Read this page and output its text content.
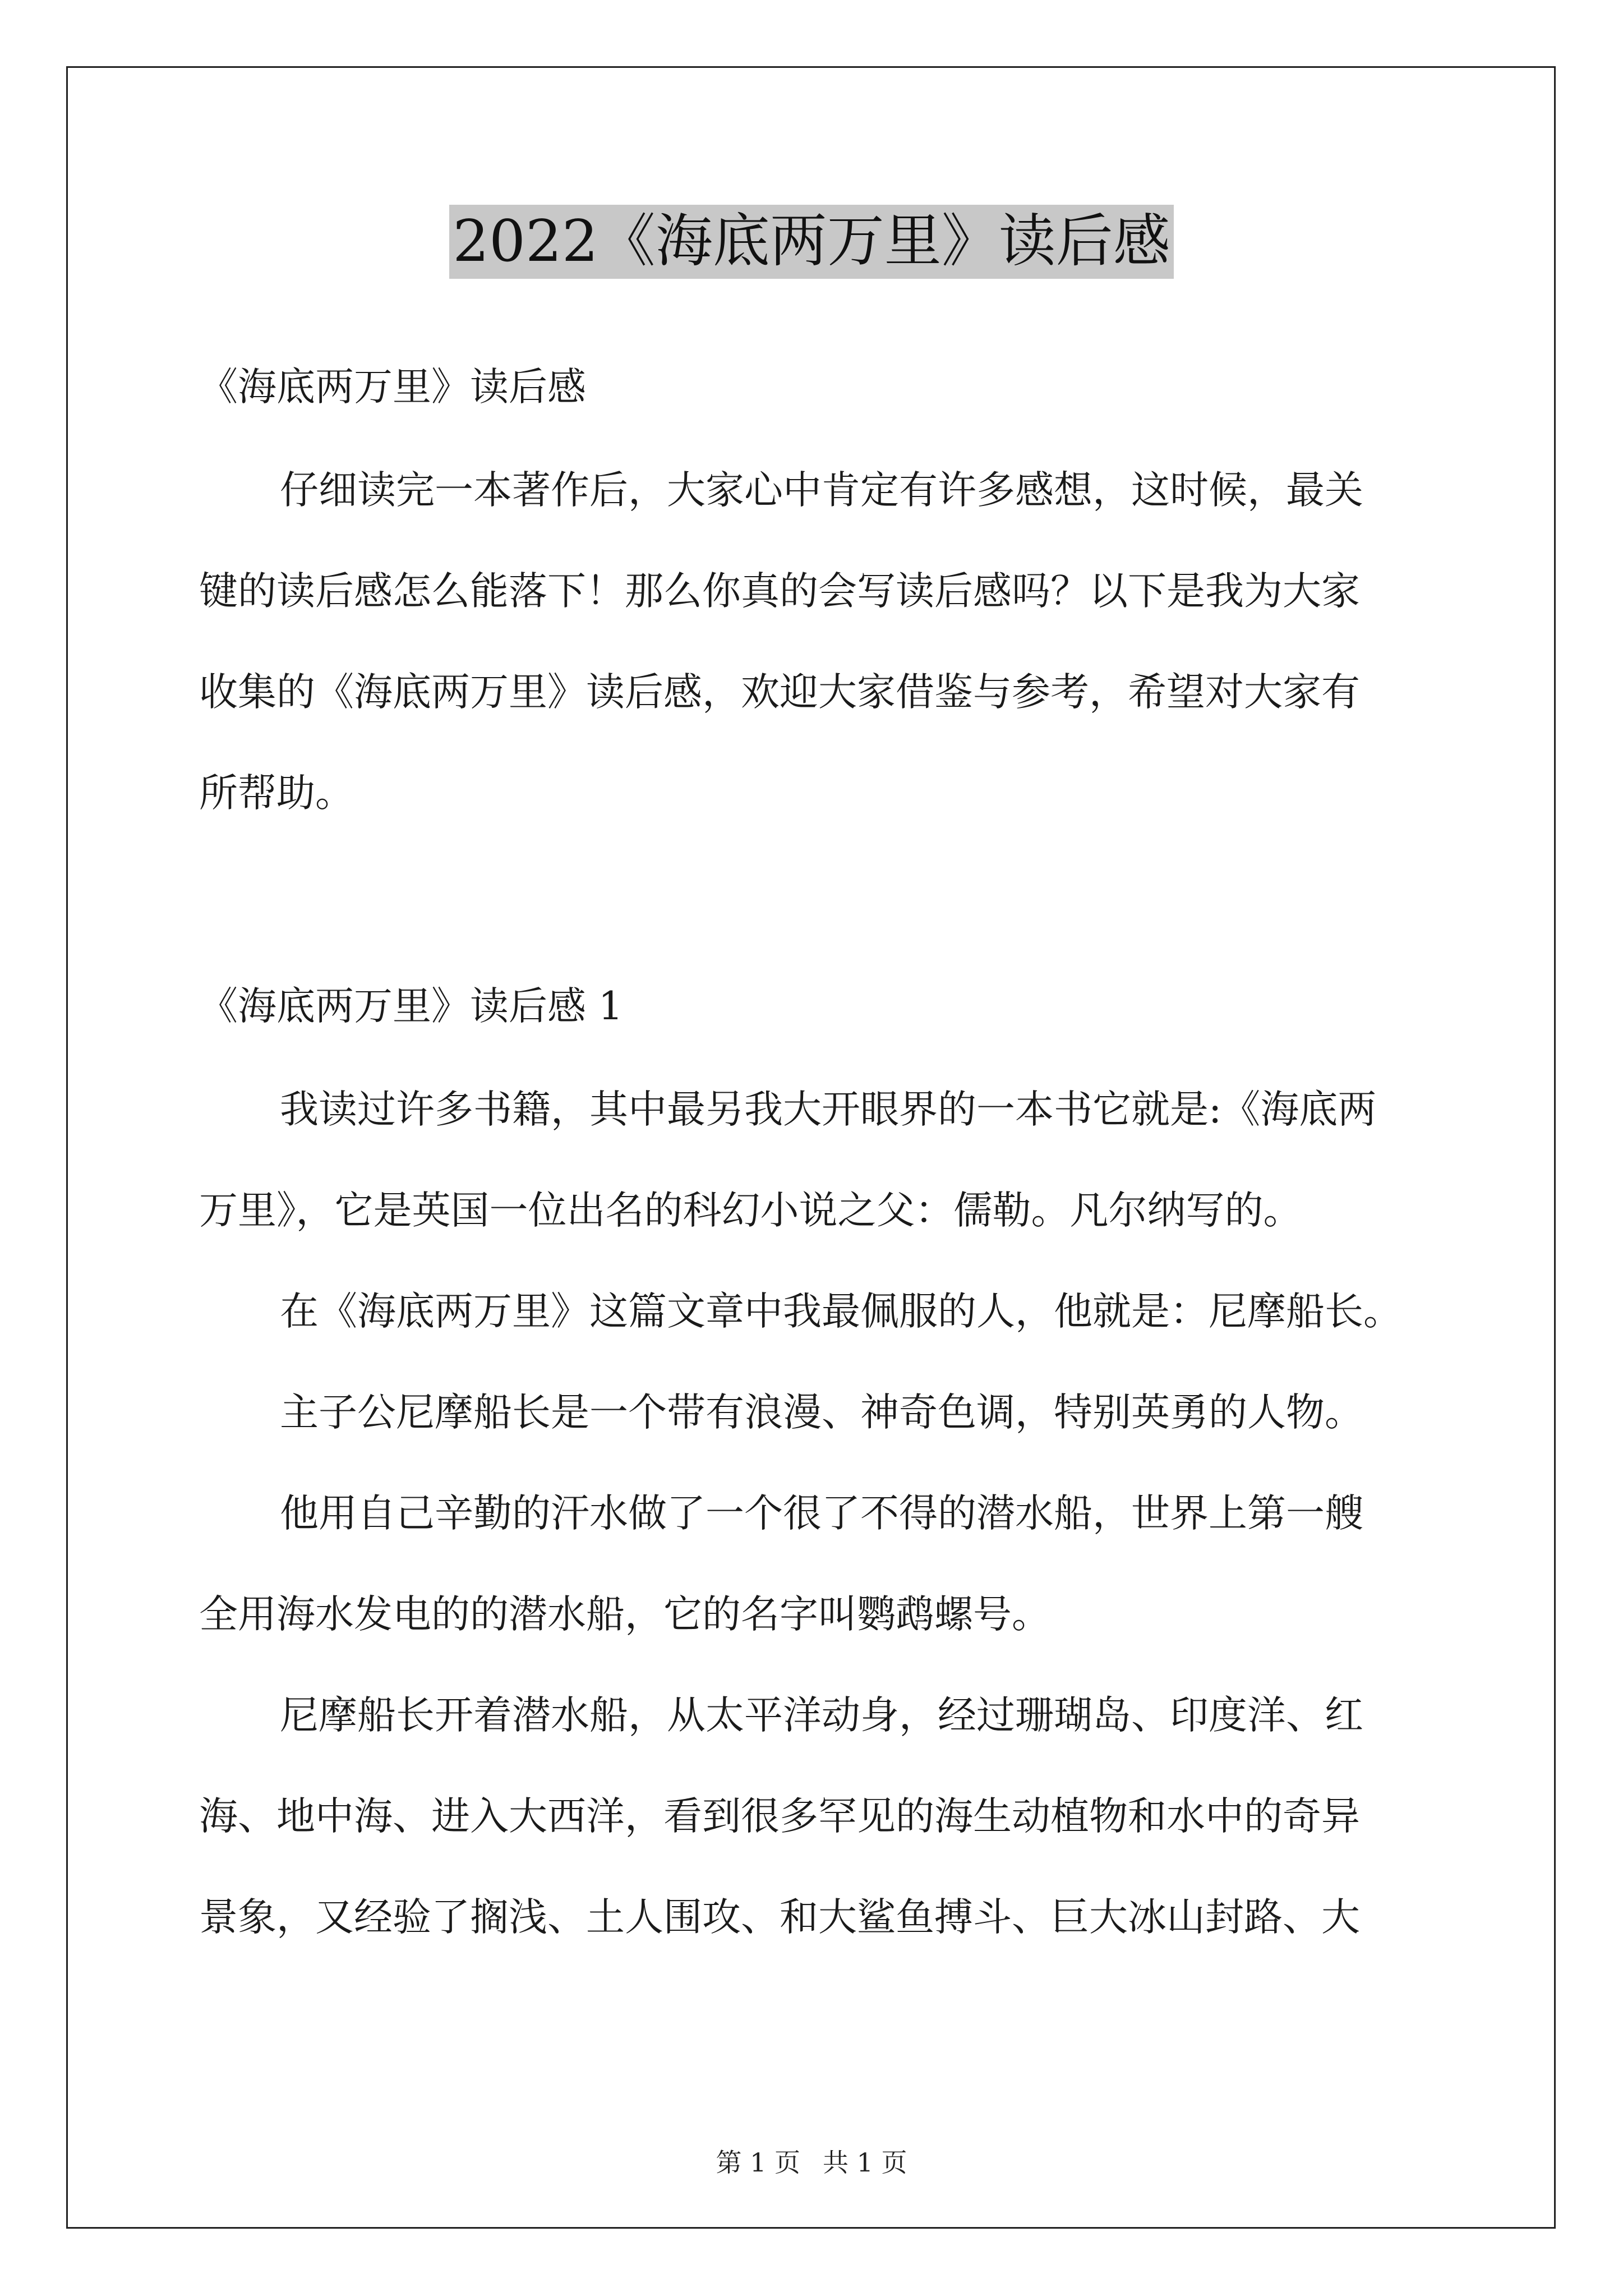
2022《海底两万里》读后感

《海底两万里》读后感

仔细读完一本著作后，大家心中肯定有许多感想，这时候，最关

键的读后感怎么能落下！那么你真的会写读后感吗？以下是我为大家

收集的《海底两万里》读后感，欢迎大家借鉴与参考，希望对大家有

所帮助。

《海底两万里》读后感 1

我读过许多书籍，其中最另我大开眼界的一本书它就是:《海底两

万里》，它是英国一位出名的科幻小说之父：儒勒。凡尔纳写的。

在《海底两万里》这篇文章中我最佩服的人，他就是：尼摩船长。

主子公尼摩船长是一个带有浪漫、神奇色调，特别英勇的人物。

他用自己辛勤的汗水做了一个很了不得的潜水船，世界上第一艘

全用海水发电的的潜水船，它的名字叫鹦鹉螺号。

尼摩船长开着潜水船，从太平洋动身，经过珊瑚岛、印度洋、红

海、地中海、进入大西洋，看到很多罕见的海生动植物和水中的奇异

景象，又经验了搁浅、土人围攻、和大鲨鱼搏斗、巨大冰山封路、大

第 1 页 共 1 页
